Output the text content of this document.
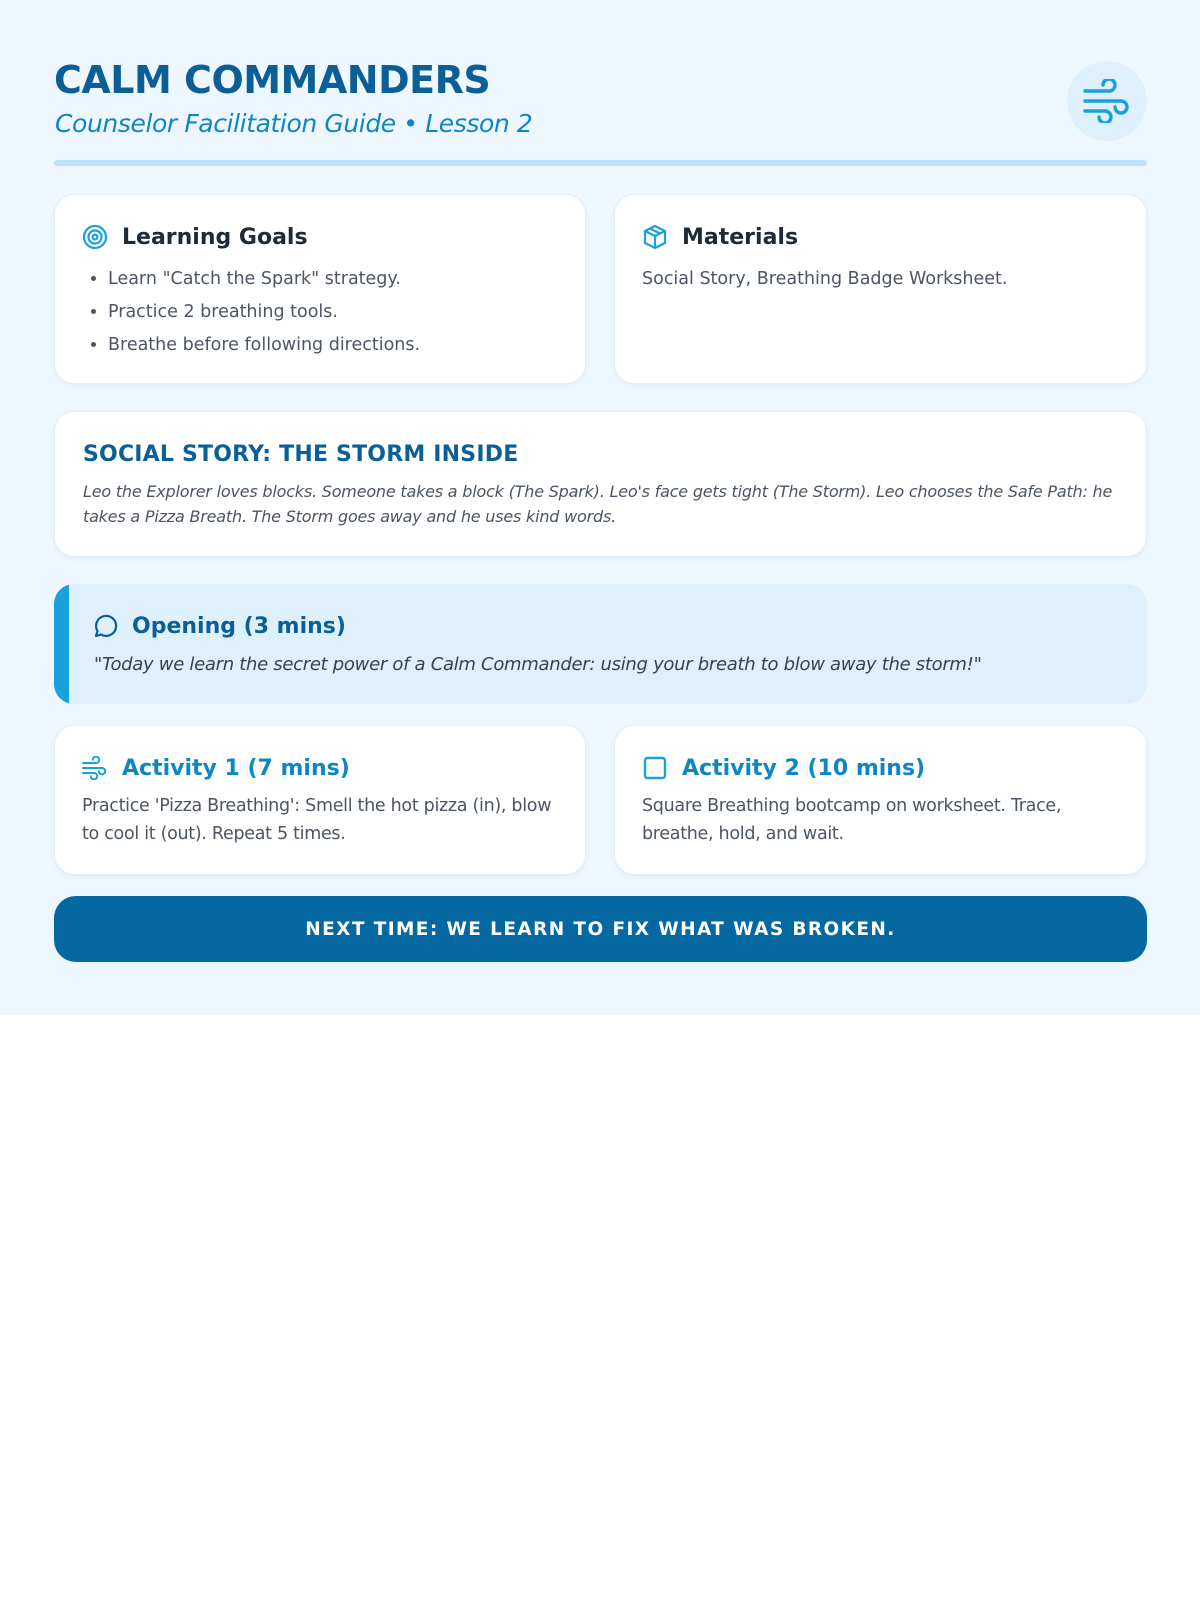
CALM COMMANDERS

Counselor Facilitation Guide • Lesson 2

Learning Goals
• Learn "Catch the Spark" strategy.
• Practice 2 breathing tools.
• Breathe before following directions.
Materials

Social Story, Breathing Badge Worksheet.

SOCIAL STORY: THE STORM INSIDE

Leo the Explorer loves blocks. Someone takes a block (The Spark). Leo's face gets tight (The Storm). Leo chooses the Safe Path: he takes a Pizza Breath. The Storm goes away and he uses kind words.

Opening (3 mins)

"Today we learn the secret power of a Calm Commander: using your breath to blow away the storm!"

Activity 1 (7 mins)

Practice 'Pizza Breathing': Smell the hot pizza (in), blow to cool it (out). Repeat 5 times.

Activity 2 (10 mins)

Square Breathing bootcamp on worksheet. Trace, breathe, hold, and wait.

NEXT TIME: WE LEARN TO FIX WHAT WAS BROKEN.
